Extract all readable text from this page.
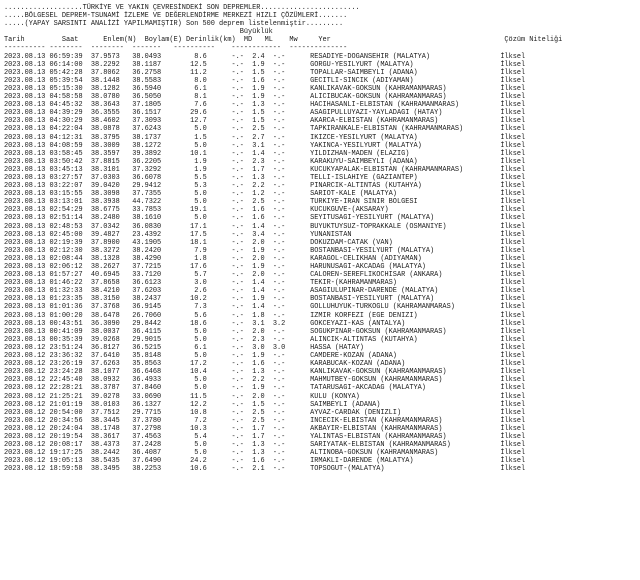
...................TÜRKİYE VE YAKIN ÇEVRESİNDEKİ SON DEPREMLER........................
.....BÖLGESEL DEPREM-TSUNAMİ İZLEME VE DEĞERLENDİRME MERKEZİ HIZLI ÇÖZÜMLERİ.......
.....(YAPAY SARSINTI ANALİZİ YAPILMAMIŞTIR) Son 500 deprem listelenmiştir.........
Büyüklük
Tarih         Saat      Enlem(N)  Boylam(E) Derinlik(km)  MD   ML    Mw     Yer                                          Çözüm Niteliği
---------- --------  --------  -------   ----------    ------------  --------------
2023.08.13 06:59:39 37.9573   38.0493        8.6	-.- 2.4 -.-	RESADIYE-DOGANSEHIR (MALATYA)                 İlksel
2023.08.13 06:14:00 38.2292   38.1187       12.5	-.- 1.9 -.-	GORGU-YESILYURT (MALATYA)                     İlksel
2023.08.13 05:42:28 37.8062   36.2758       11.2	-.- 1.5 -.-	TOPALLAR-SAIMBEYLI (ADANA)                    İlksel
2023.08.13 05:39:54 38.1448   38.5583        8.0	-.- 1.6 -.-	GECITLI-SINCIK (ADIYAMAN)                     İlksel
2023.08.13 05:15:30 38.1282   36.5940        6.1	-.- 1.9 -.-	KANLIKAVAK-GOKSUN (KAHRAMANMARAS)             İlksel
2023.08.13 04:58:58 38.0780   36.5050        8.1	-.- 1.9 -.-	ALICIBUCAK-GOKSUN (KAHRAMANMARAS)             İlksel
2023.08.13 04:45:32 38.3643   37.1805        7.6	-.- 1.3 -.-	HACIHASANLI-ELBISTAN (KAHRAMANMARAS)          İlksel
2023.08.13 04:39:29 36.3555   36.1517       29.6	-.- 1.5 -.-	ASAGIPULLUYAZI-YAYLADAGI (HATAY)              İlksel
2023.08.13 04:30:29 38.4602   37.3093       12.7	-.- 1.5 -.-	AKARCA-ELBISTAN (KAHRAMANMARAS)               İlksel
2023.08.13 04:22:04 38.0878   37.6243        5.0	-.- 2.5 -.-	TAPKIRANKALE-ELBISTAN (KAHRAMANMARAS)         İlksel
2023.08.13 04:12:31 38.3795   38.1737        1.5	-.- 2.7 -.-	IKIZCE-YESILYURT (MALATYA)                    İlksel
2023.08.13 04:08:59 38.3009   38.1272        5.0	-.- 3.1 -.-	YAKINCA-YESILYURT (MALATYA)                   İlksel
2023.08.13 03:58:45 38.3597   39.3892       10.1	-.- 1.4 -.-	YILDIZHAN-MADEN (ELAZIG)                      İlksel
2023.08.13 03:50:42 37.8815   36.2205        1.9	-.- 2.3 -.-	KARAKUYU-SAIMBEYLI (ADANA)                    İlksel
2023.08.13 03:45:13 38.3101   37.3292        1.9	-.- 1.7 -.-	KUCUKYAPALAK-ELBISTAN (KAHRAMANMARAS)         İlksel
2023.08.13 03:27:57 37.0303   36.6078        5.5	-.- 1.3 -.-	TELLI-ISLAHIYE (GAZIANTEP)                    İlksel
2023.08.13 03:22:07 39.0420   29.9412        5.3	-.- 2.2 -.-	PINARCIK-ALTINTAS (KUTAHYA)                   İlksel
2023.08.13 03:15:55 38.3098   37.7355        5.0	-.- 1.2 -.-	SARIOT-KALE (MALATYA)                         İlksel
2023.08.13 03:13:01 38.3938   44.7322        5.0	-.- 2.5 -.-	TURKIYE-IRAN SINIR BOLGESI                    İlksel
2023.08.13 02:54:29 38.6775   33.7853       19.1	-.- 1.6 -.-	KUCUKGUVE-(AKSARAY)                           İlksel
2023.08.13 02:51:14 38.2480   38.1610        5.0	-.- 1.6 -.-	SEYITUSAGI-YESILYURT (MALATYA)                İlksel
2023.08.13 02:48:53 37.0342   36.0830       17.1	-.- 1.4 -.-	BUYUKTUYSUZ-TOPRAKKALE (OSMANIYE)             İlksel
2023.08.13 02:45:00 39.4827   23.4392       17.5	-.- 3.4 -.-	YUNANISTAN                                    İlksel
2023.08.13 02:19:39 37.8900   43.1905       18.1	-.- 2.0 -.-	DOKUZDAM-CATAK (VAN)                          İlksel
2023.08.13 02:12:30 38.3272   38.2420        7.9	-.- 1.9 -.-	BOSTANBASI-YESILYURT (MALATYA)                İlksel
2023.08.13 02:08:44 38.1328   38.4290        1.8	-.- 2.0 -.-	KARAGOL-CELIKHAN (ADIYAMAN)                   İlksel
2023.08.13 02:06:12 38.2627   37.7215       17.6	-.- 1.9 -.-	HARUNUSAGI-AKCADAG (MALATYA)                  İlksel
2023.08.13 01:57:27 40.6945   33.7120        5.7	-.- 2.0 -.-	CALOREN-SEREFLIKOCHISAR (ANKARA)              İlksel
2023.08.13 01:46:22 37.8658   36.6123        3.0	-.- 1.4 -.-	TEKIR-(KAHRAMANMARAS)                         İlksel
2023.08.13 01:32:33 38.4210   37.6203        2.6	-.- 1.4 -.-	ASAGIULUPINAR-DARENDE (MALATYA)               İlksel
2023.08.13 01:23:35 38.3150   38.2437       10.2	-.- 1.9 -.-	BOSTANBASI-YESILYURT (MALATYA)                İlksel
2023.08.13 01:01:36 37.3768   36.9145        7.3	-.- 1.4 -.-	GOLLUHUYUK-TURKOGLU (KAHRAMANMARAS)           İlksel
2023.08.13 01:00:20 38.6478   26.7060        5.6	-.- 1.8 -.-	IZMIR KORFEZI (EGE DENIZI)                    İlksel
2023.08.13 00:43:51 36.3090   29.8442       18.6	-.- 3.1 3.2	GOKCEYAZI-KAS (ANTALYA)                       İlksel
2023.08.13 00:41:09 38.0037   36.4115        5.0	-.- 2.0 -.-	SOGUKPINAR-GOKSUN (KAHRAMANMARAS)             İlksel
2023.08.13 00:35:39 39.0268   29.9015        5.0	-.- 2.3 -.-	ALINCIK-ALTINTAS (KUTAHYA)                    İlksel
2023.08.12 23:51:24 36.8127   36.5215        6.1	-.- 3.0 3.0	HASSA (HATAY)                                 İlksel
2023.08.12 23:36:32 37.6410   35.8148        5.0	-.- 1.9 -.-	CAMDERE-KOZAN (ADANA)                         İlksel
2023.08.12 23:26:19 37.6263   35.8563       17.2	-.- 1.6 -.-	KARABUCAK-KOZAN (ADANA)                       İlksel
2023.08.12 23:24:28 38.1077   36.6468       10.4	-.- 1.3 -.-	KANLIKAVAK-GOKSUN (KAHRAMANMARAS)             İlksel
2023.08.12 22:45:40 38.0932   36.4933        5.0	-.- 2.2 -.-	MAHMUTBEY-GOKSUN (KAHRAMANMARAS)              İlksel
2023.08.12 22:28:21 38.3787   37.8460        5.0	-.- 1.9 -.-	TATARUSAGI-AKCADAG (MALATYA)                  İlksel
2023.08.12 21:25:21 39.0278   33.0690       11.5	-.- 2.0 -.-	KULU (KONYA)                                  İlksel
2023.08.12 21:01:19 38.0103   36.1327       12.2	-.- 1.5 -.-	SAIMBEYLI (ADANA)                             İlksel
2023.08.12 20:54:00 37.7512   29.7715       10.8	-.- 2.5 -.-	AYVAZ-CARDAK (DENIZLI)                        İlksel
2023.08.12 20:34:56 38.3445   37.3780        7.2	-.- 2.5 -.-	INCECIK-ELBISTAN (KAHRAMANMARAS)              İlksel
2023.08.12 20:24:04 38.1748   37.2798       10.3	-.- 1.7 -.-	AKBAYIR-ELBISTAN (KAHRAMANMARAS)              İlksel
2023.08.12 20:19:54 38.3617   37.4563        5.4	-.- 1.7 -.-	YALINTAS-ELBISTAN (KAHRAMANMARAS)             İlksel
2023.08.12 20:08:17 38.4373   37.2428        5.0	-.- 1.3 -.-	SARIYATAK-ELBISTAN (KAHRAMANMARAS)            İlksel
2023.08.12 19:17:25 38.2442   36.4087        5.0	-.- 1.3 -.-	ALTINOBA-GOKSUN (KAHRAMANMARAS)               İlksel
2023.08.12 19:05:13 38.5435   37.6490       24.2	-.- 1.6 -.-	IRMAKLI-DARENDE (MALATYA)                     İlksel
2023.08.12 18:59:58 38.3495   38.2253       10.6	-.- 2.1 -.-	TOPSOGUT-(MALATYA)                            İlksel
